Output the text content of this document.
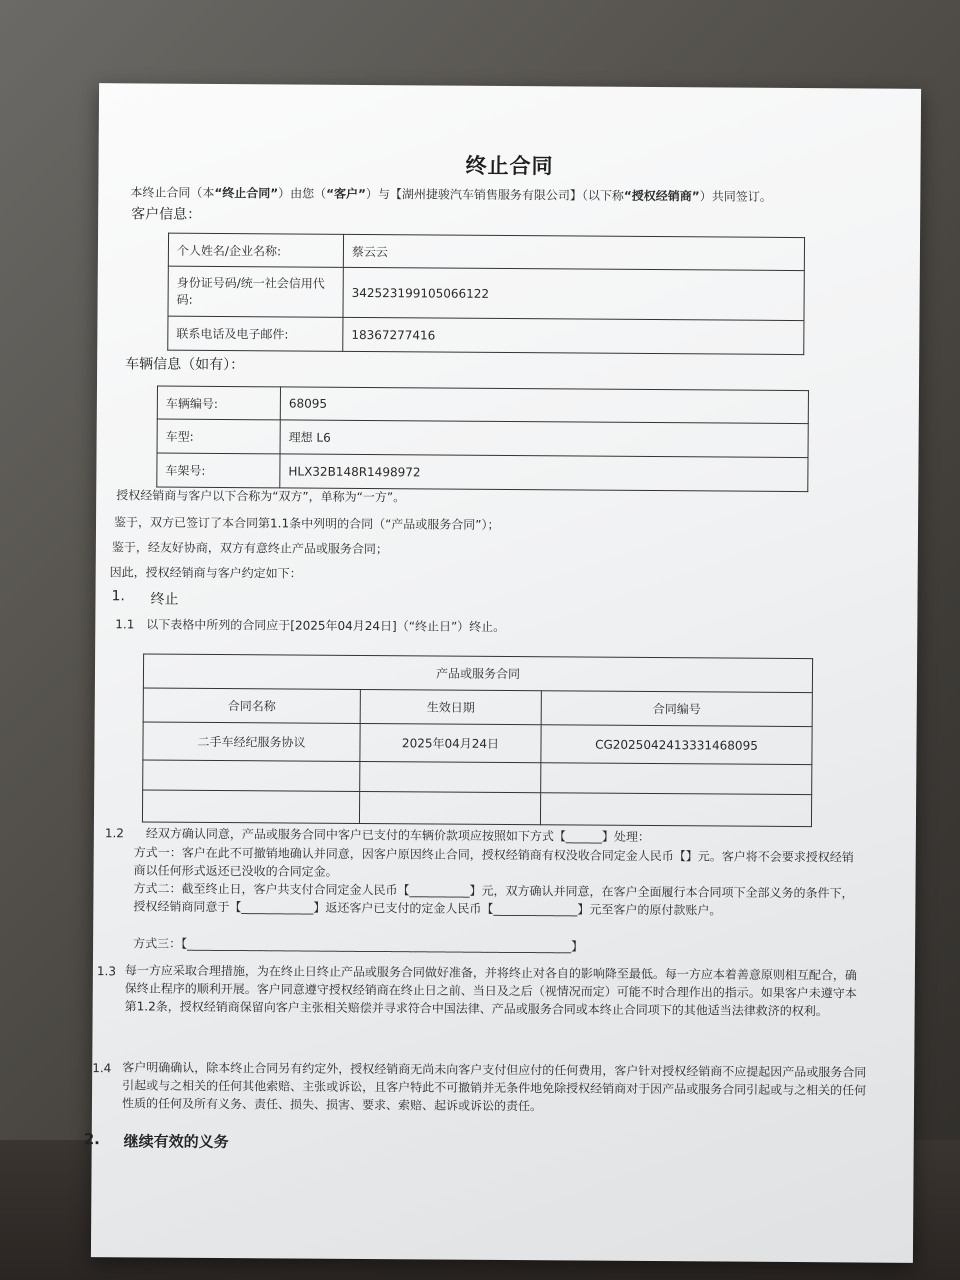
终止合同
本终止合同（本“终止合同”）由您（“客户”）与【湖州捷骏汽车销售服务有限公司】（以下称“授权经销商”）共同签订。
客户信息：
个人姓名/企业名称:	蔡云云
身份证号码/统一社会信用代码:	342523199105066122
联系电话及电子邮件:	18367277416
车辆信息（如有）：
车辆编号:	68095
车型:	理想 L6
车架号:	HLX32B148R1498972
授权经销商与客户以下合称为“双方”，单称为“一方”。
鉴于，双方已签订了本合同第1.1条中列明的合同（“产品或服务合同”）；
鉴于，经友好协商，双方有意终止产品或服务合同；
因此，授权经销商与客户约定如下：
1. 终止
1.1 以下表格中所列的合同应于[2025年04月24日]（“终止日”）终止。
产品或服务合同		
合同名称	生效日期	合同编号
二手车经纪服务协议	2025年04月24日	CG2025042413331468095

1.2 经双方确认同意，产品或服务合同中客户已支付的车辆价款项应按照如下方式【______】处理：
方式一：客户在此不可撤销地确认并同意，因客户原因终止合同，授权经销商有权没收合同定金人民币【】元。客户将不会要求授权经销商以任何形式返还已没收的合同定金。
方式二：截至终止日，客户共支付合同定金人民币【__________】元，双方确认并同意，在客户全面履行本合同项下全部义务的条件下，授权经销商同意于【____________】返还客户已支付的定金人民币【______________】元至客户的原付款账户。
方式三：【________________________________________________________________】
1.3 每一方应采取合理措施，为在终止日终止产品或服务合同做好准备，并将终止对各自的影响降至最低。每一方应本着善意原则相互配合，确保终止程序的顺利开展。客户同意遵守授权经销商在终止日之前、当日及之后（视情况而定）可能不时合理作出的指示。如果客户未遵守本第1.2条，授权经销商保留向客户主张相关赔偿并寻求符合中国法律、产品或服务合同或本终止合同项下的其他适当法律救济的权利。
1.4 客户明确确认，除本终止合同另有约定外，授权经销商无尚未向客户支付但应付的任何费用，客户针对授权经销商不应提起因产品或服务合同引起或与之相关的任何其他索赔、主张或诉讼，且客户特此不可撤销并无条件地免除授权经销商对于因产品或服务合同引起或与之相关的任何性质的任何及所有义务、责任、损失、损害、要求、索赔、起诉或诉讼的责任。
2. 继续有效的义务
